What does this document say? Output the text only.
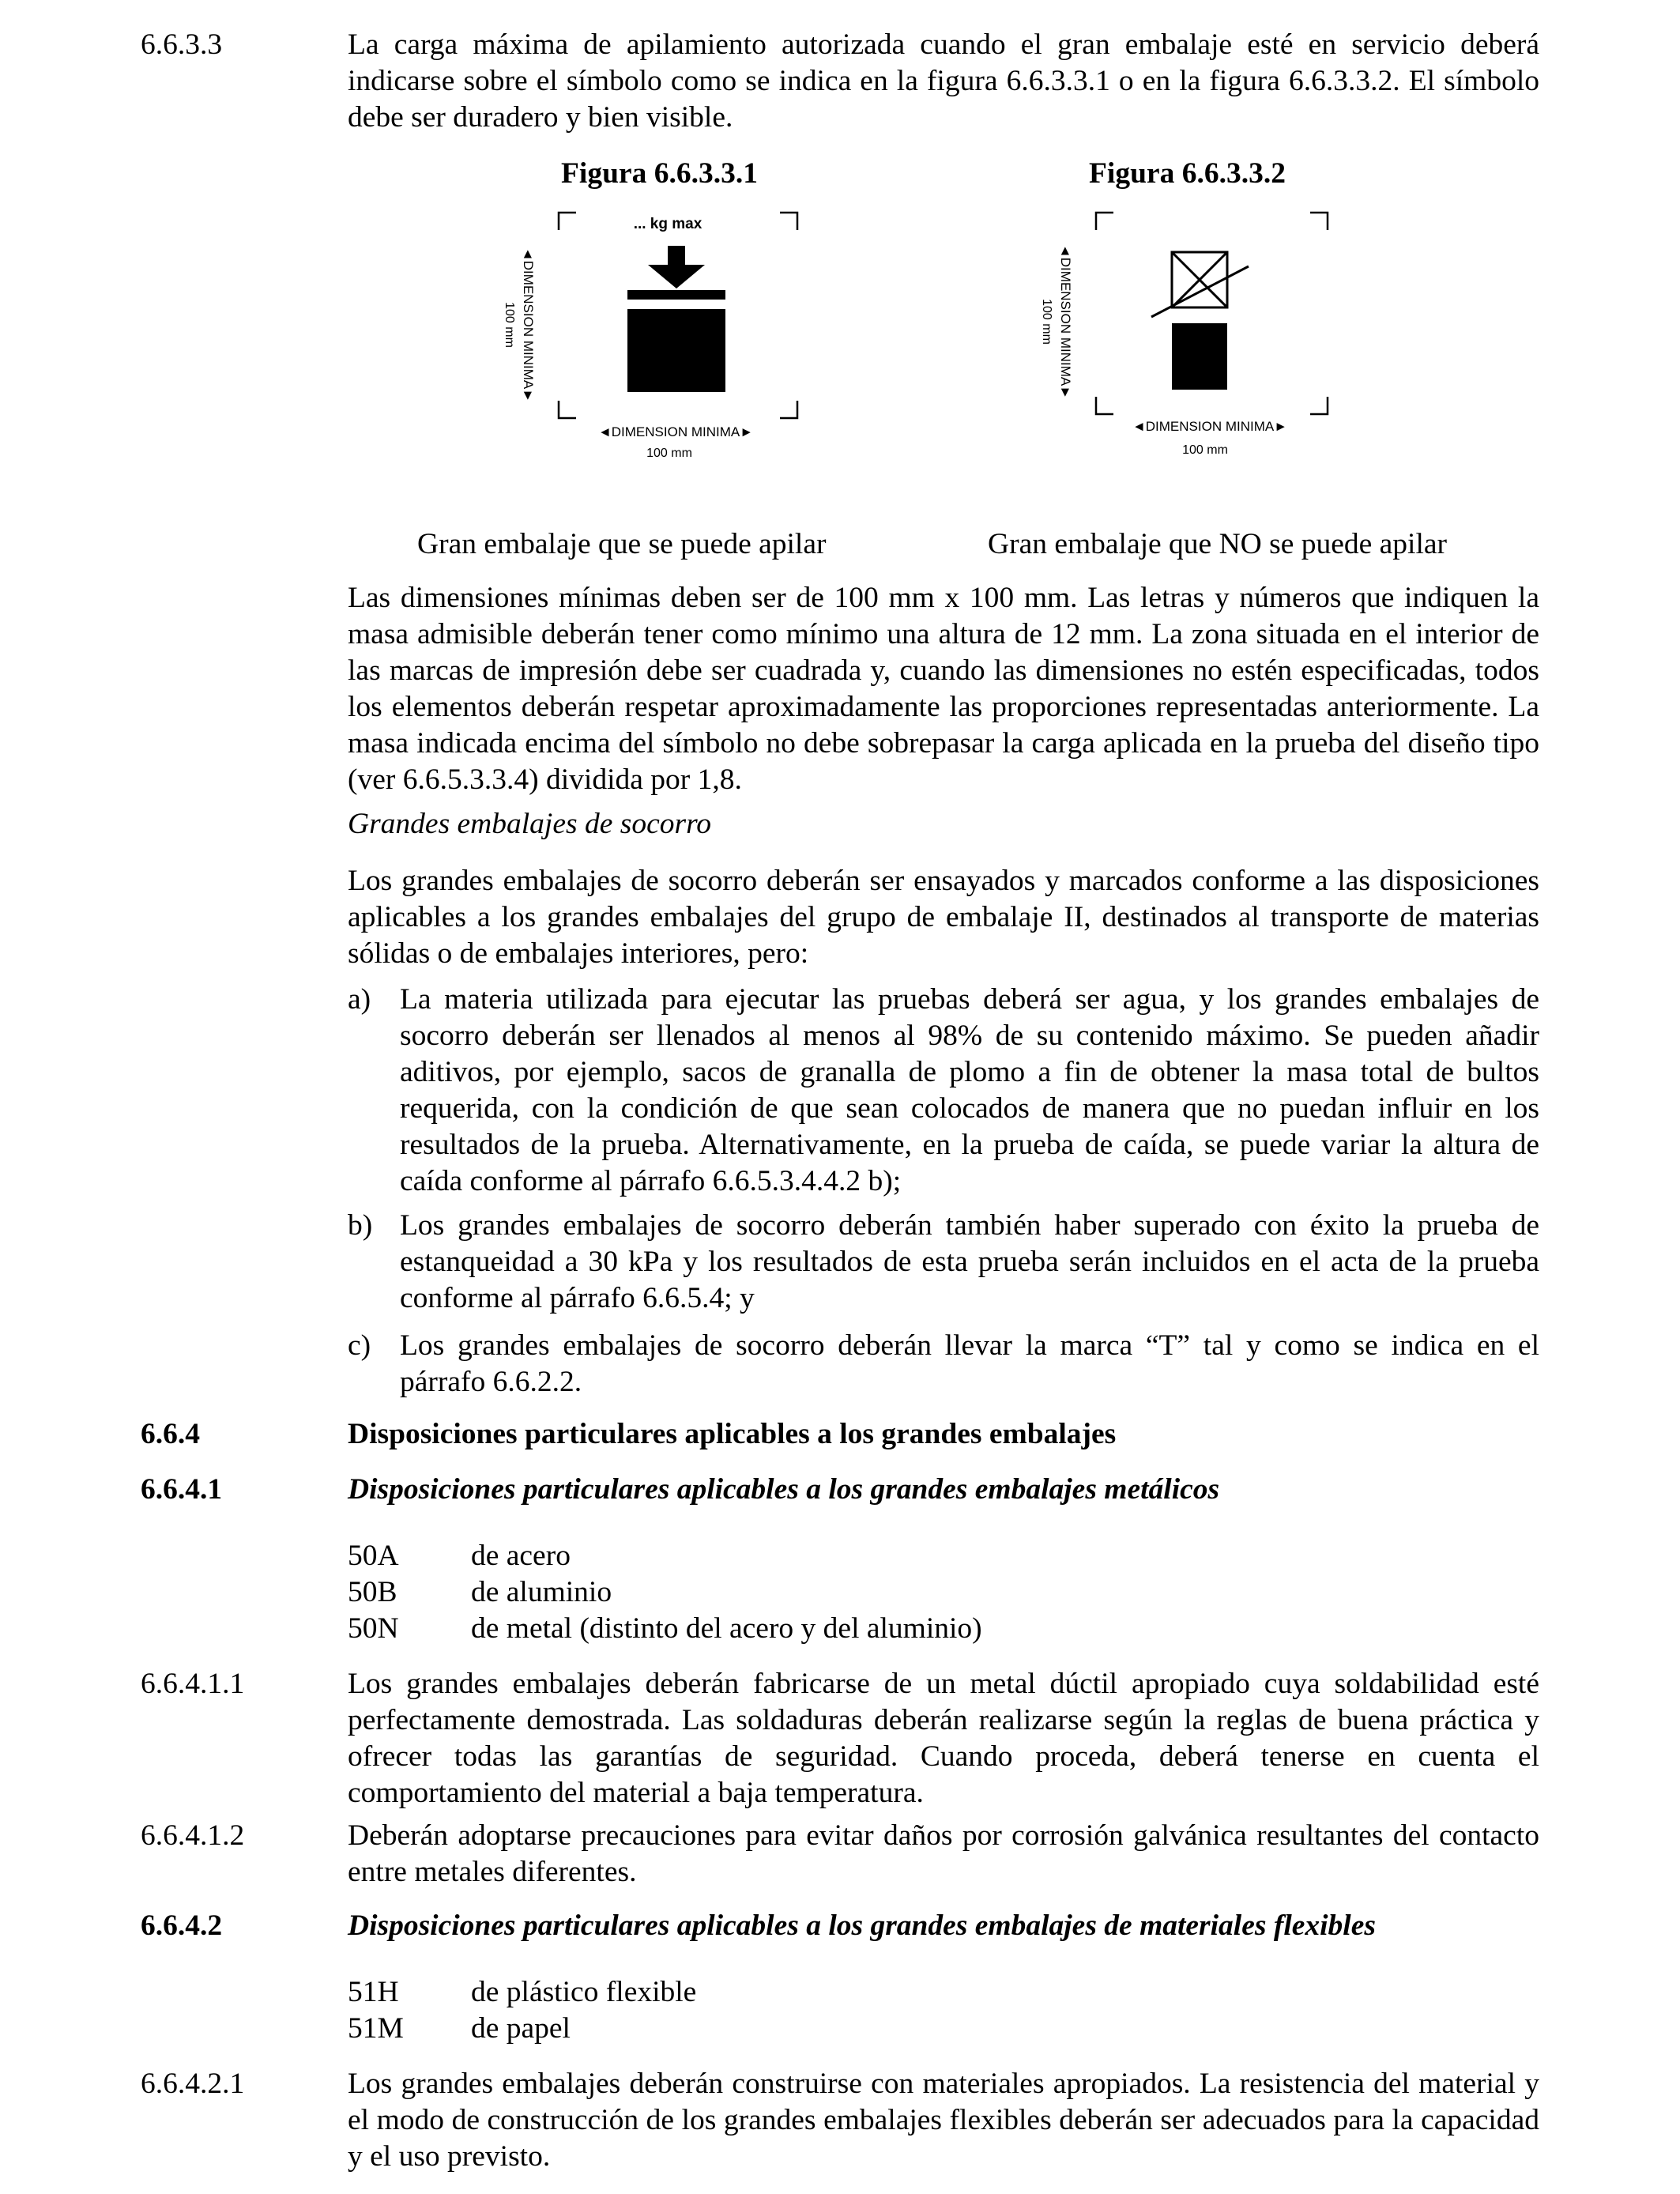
6.6.3.3	La carga máxima de apilamiento autorizada cuando el gran embalaje esté en servicio deberá indicarse sobre el símbolo como se indica en la figura 6.6.3.3.1 o en la figura 6.6.3.3.2. El símbolo debe ser duradero y bien visible.
Figura 6.6.3.3.1	Figura 6.6.3.3.2
... kg max
◄DIMENSION MINIMA►
100 mm
◄DIMENSION MINIMA►
100 mm
◄DIMENSION MINIMA►
100 mm
◄DIMENSION MINIMA►
100 mm
Gran embalaje que se puede apilar	Gran embalaje que NO se puede apilar
Las dimensiones mínimas deben ser de 100 mm x 100 mm. Las letras y números que indiquen la masa admisible deberán tener como mínimo una altura de 12 mm. La zona situada en el interior de las marcas de impresión debe ser cuadrada y, cuando las dimensiones no estén especificadas, todos los elementos deberán respetar aproximadamente las proporciones representadas anteriormente. La masa indicada encima del símbolo no debe sobrepasar la carga aplicada en la prueba del diseño tipo (ver 6.6.5.3.3.4) dividida por 1,8.
Grandes embalajes de socorro
Los grandes embalajes de socorro deberán ser ensayados y marcados conforme a las disposiciones aplicables a los grandes embalajes del grupo de embalaje II, destinados al transporte de materias sólidas o de embalajes interiores, pero:
a) La materia utilizada para ejecutar las pruebas deberá ser agua, y los grandes embalajes de socorro deberán ser llenados al menos al 98% de su contenido máximo. Se pueden añadir aditivos, por ejemplo, sacos de granalla de plomo a fin de obtener la masa total de bultos requerida, con la condición de que sean colocados de manera que no puedan influir en los resultados de la prueba. Alternativamente, en la prueba de caída, se puede variar la altura de caída conforme al párrafo 6.6.5.3.4.4.2 b);
b) Los grandes embalajes de socorro deberán también haber superado con éxito la prueba de estanqueidad a 30 kPa y los resultados de esta prueba serán incluidos en el acta de la prueba conforme al párrafo 6.6.5.4; y
c) Los grandes embalajes de socorro deberán llevar la marca “T” tal y como se indica en el párrafo 6.6.2.2.
6.6.4	Disposiciones particulares aplicables a los grandes embalajes
6.6.4.1	Disposiciones particulares aplicables a los grandes embalajes metálicos
50A	de acero
50B	de aluminio
50N	de metal (distinto del acero y del aluminio)
6.6.4.1.1	Los grandes embalajes deberán fabricarse de un metal dúctil apropiado cuya soldabilidad esté perfectamente demostrada. Las soldaduras deberán realizarse según la reglas de buena práctica y ofrecer todas las garantías de seguridad. Cuando proceda, deberá tenerse en cuenta el comportamiento del material a baja temperatura.
6.6.4.1.2	Deberán adoptarse precauciones para evitar daños por corrosión galvánica resultantes del contacto entre metales diferentes.
6.6.4.2	Disposiciones particulares aplicables a los grandes embalajes de materiales flexibles
51H	de plástico flexible
51M	de papel
6.6.4.2.1	Los grandes embalajes deberán construirse con materiales apropiados. La resistencia del material y el modo de construcción de los grandes embalajes flexibles deberán ser adecuados para la capacidad y el uso previsto.
